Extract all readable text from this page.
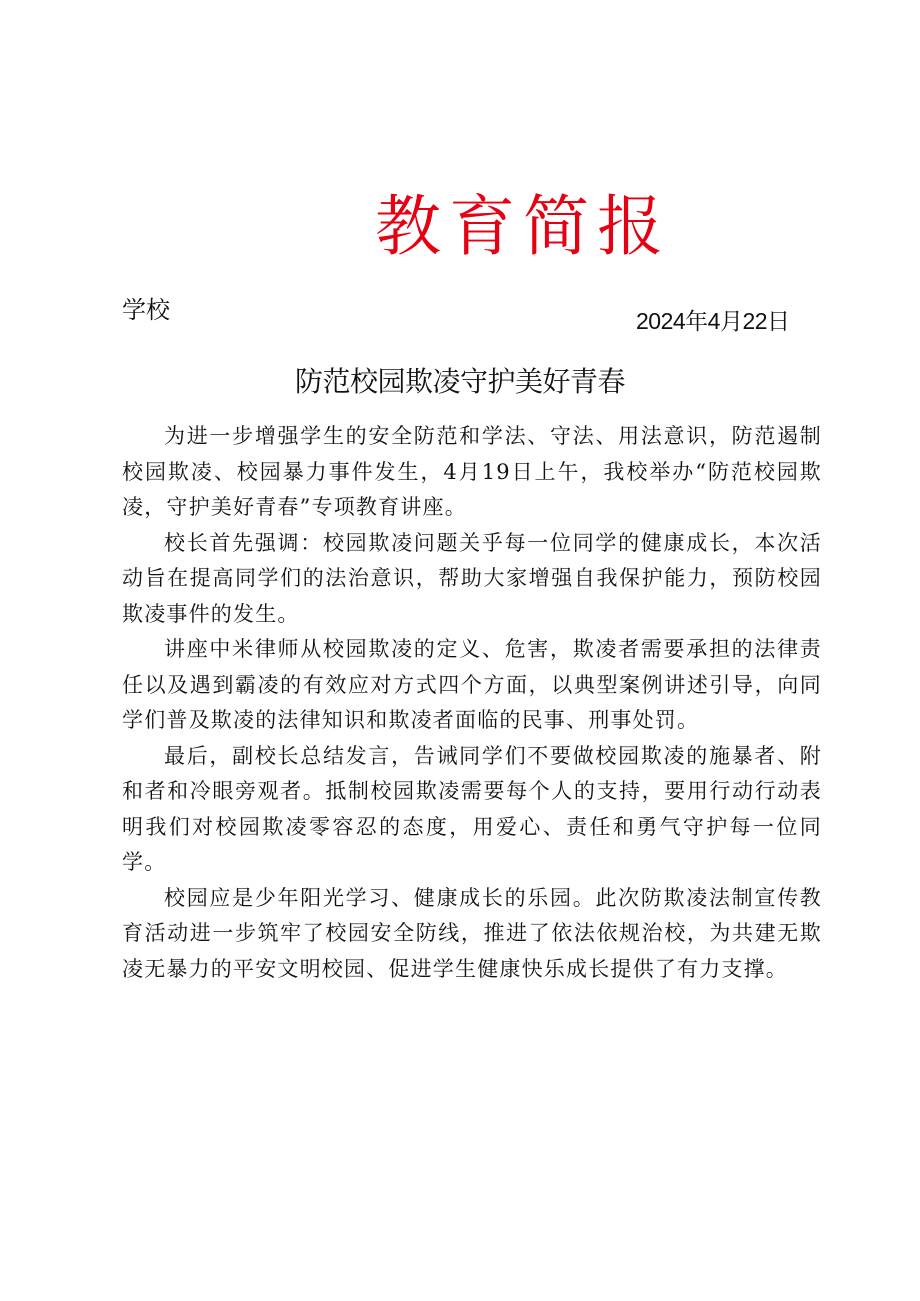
教育简报
学校	2024年4月22日
防范校园欺凌守护美好青春

为进一步增强学生的安全防范和学法、守法、用法意识，防范遏制校园欺凌、校园暴力事件发生，4月19日上午，我校举办“防范校园欺凌，守护美好青春”专项教育讲座。

校长首先强调：校园欺凌问题关乎每一位同学的健康成长，本次活动旨在提高同学们的法治意识，帮助大家增强自我保护能力，预防校园欺凌事件的发生。

讲座中米律师从校园欺凌的定义、危害，欺凌者需要承担的法律责任以及遇到霸凌的有效应对方式四个方面，以典型案例讲述引导，向同学们普及欺凌的法律知识和欺凌者面临的民事、刑事处罚。

最后，副校长总结发言，告诫同学们不要做校园欺凌的施暴者、附和者和冷眼旁观者。抵制校园欺凌需要每个人的支持，要用行动行动表明我们对校园欺凌零容忍的态度，用爱心、责任和勇气守护每一位同学。

校园应是少年阳光学习、健康成长的乐园。此次防欺凌法制宣传教育活动进一步筑牢了校园安全防线，推进了依法依规治校，为共建无欺凌无暴力的平安文明校园、促进学生健康快乐成长提供了有力支撑。
